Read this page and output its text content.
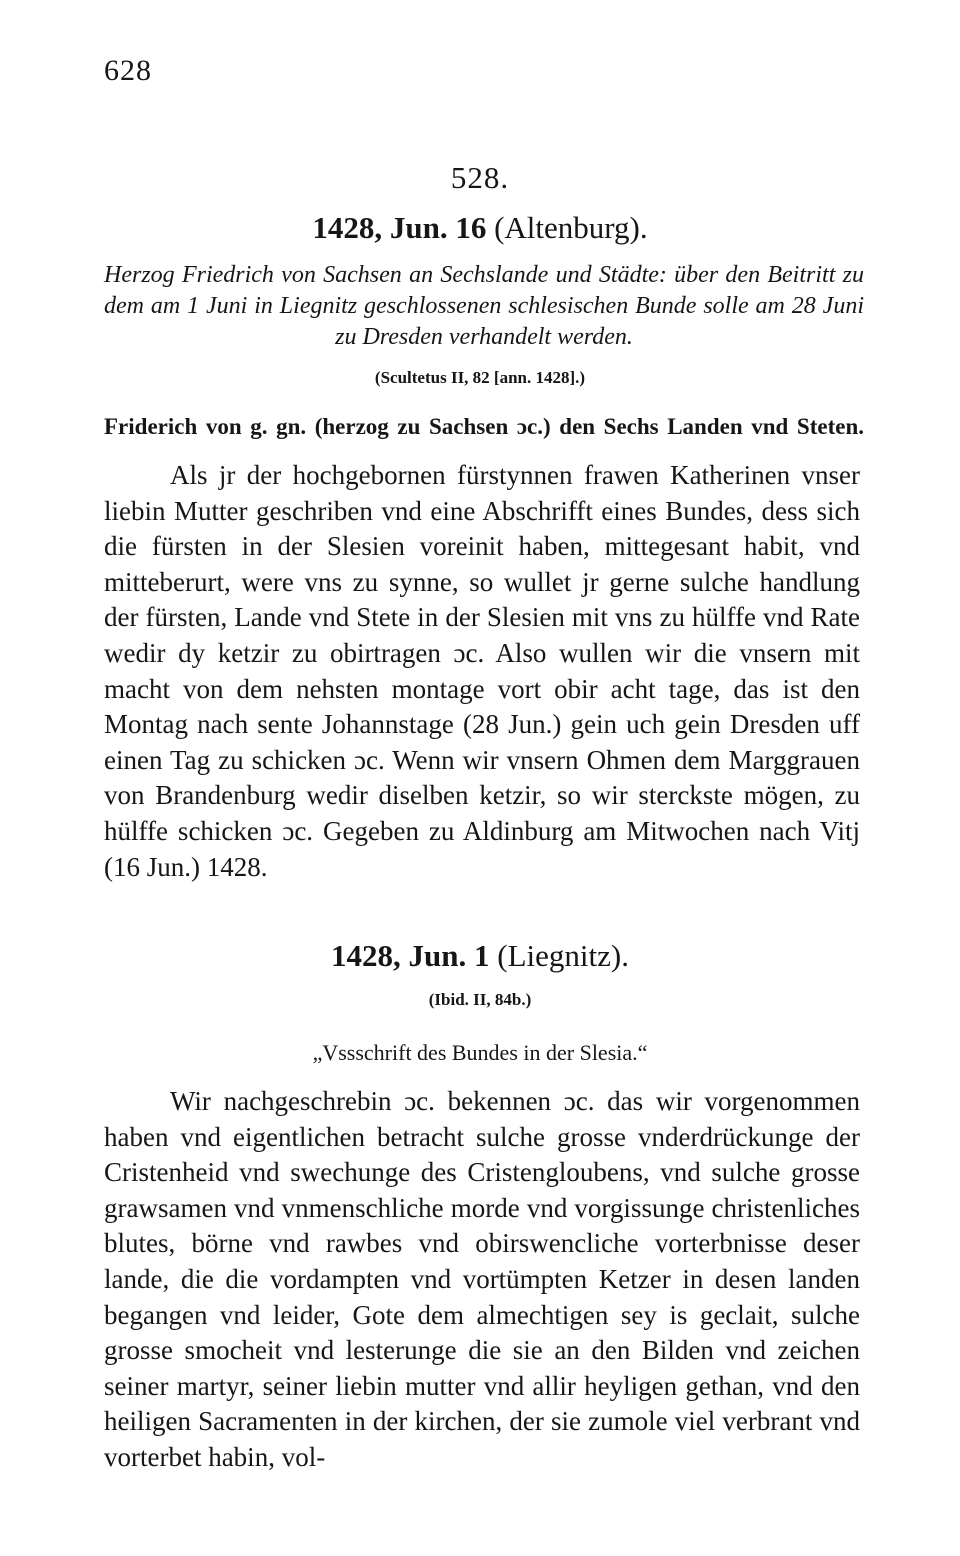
628
528.
1428, Jun. 16 (Altenburg).
Herzog Friedrich von Sachsen an Sechslande und Städte: über den Beitritt zu dem am 1 Juni in Liegnitz geschlossenen schlesischen Bunde solle am 28 Juni zu Dresden verhandelt werden.
(Scultetus II, 82 [ann. 1428].)
Friderich von g. gn. (herzog zu Sachsen ɔc.) den Sechs Landen vnd Steten.
Als jr der hochgebornen fürstynnen frawen Katherinen vnser liebin Mutter geschriben vnd eine Abschrifft eines Bundes, dess sich die fürsten in der Slesien voreinit haben, mittegesant habit, vnd mitteberurt, were vns zu synne, so wullet jr gerne sulche handlung der fürsten, Lande vnd Stete in der Slesien mit vns zu hülffe vnd Rate wedir dy ketzir zu obirtragen ɔc. Also wullen wir die vnsern mit macht von dem nehsten montage vort obir acht tage, das ist den Montag nach sente Johannstage (28 Jun.) gein uch gein Dresden uff einen Tag zu schicken ɔc. Wenn wir vnsern Ohmen dem Marggrauen von Brandenburg wedir diselben ketzir, so wir sterckste mögen, zu hülffe schicken ɔc. Gegeben zu Aldinburg am Mitwochen nach Vitj (16 Jun.) 1428.
1428, Jun. 1 (Liegnitz).
(Ibid. II, 84b.)
„Vssschrift des Bundes in der Slesia.“
Wir nachgeschrebin ɔc. bekennen ɔc. das wir vorgenommen haben vnd eigentlichen betracht sulche grosse vnderdrückunge der Cristenheid vnd swechunge des Cristengloubens, vnd sulche grosse grawsamen vnd vnmenschliche morde vnd vorgissunge christenliches blutes, börne vnd rawbes vnd obirswencliche vorterbnisse deser lande, die die vordampten vnd vortümpten Ketzer in desen landen begangen vnd leider, Gote dem almechtigen sey is geclait, sulche grosse smocheit vnd lesterunge die sie an den Bilden vnd zeichen seiner martyr, seiner liebin mutter vnd allir heyligen gethan, vnd den heiligen Sacramenten in der kirchen, der sie zumole viel verbrant vnd vorterbet habin, vol-
